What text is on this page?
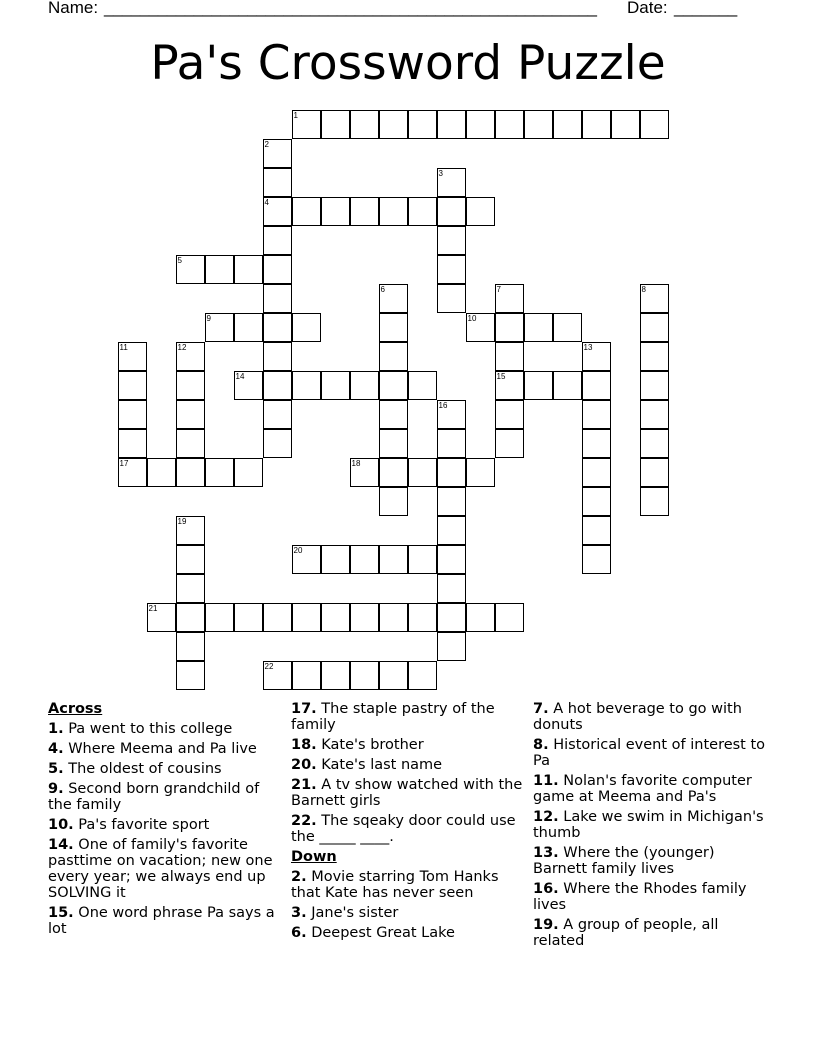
Name: _______________________________________________________ Date: _______
Pa's Crossword Puzzle
1
4
5
9	10
14	15
17	18
20
21
22
2
3
6	7	8
11	12	13
16
19
Across
1. Pa went to this college
4. Where Meema and Pa live
5. The oldest of cousins
9. Second born grandchild of the family
10. Pa's favorite sport
14. One of family's favorite pasttime on vacation; new one every year; we always end up SOLVING it
15. One word phrase Pa says a lot
17. The staple pastry of the family
18. Kate's brother
20. Kate's last name
21. A tv show watched with the Barnett girls
22. The sqeaky door could use the _____ ____.
Down
2. Movie starring Tom Hanks that Kate has never seen
3. Jane's sister
6. Deepest Great Lake
7. A hot beverage to go with donuts
8. Historical event of interest to Pa
11. Nolan's favorite computer game at Meema and Pa's
12. Lake we swim in Michigan's thumb
13. Where the (younger) Barnett family lives
16. Where the Rhodes family lives
19. A group of people, all related
